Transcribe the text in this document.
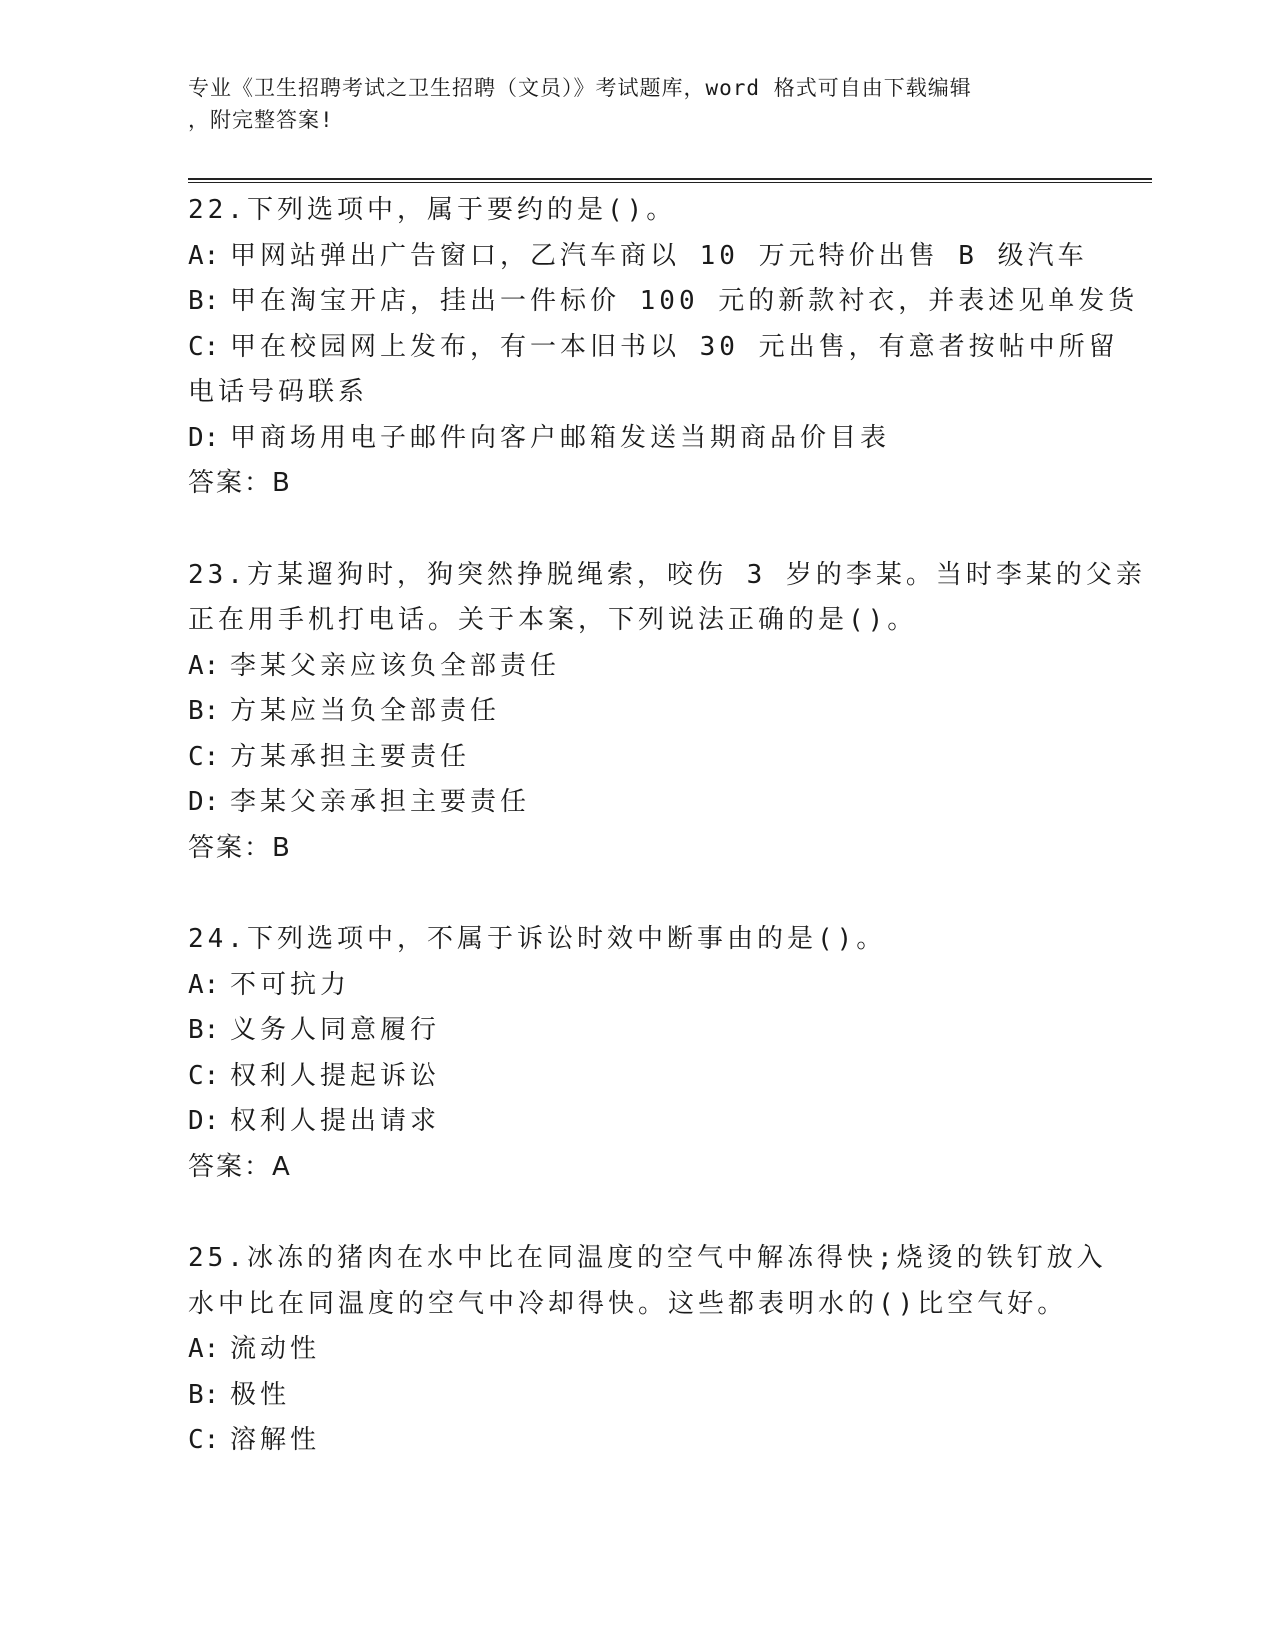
专业《卫生招聘考试之卫生招聘（文员）》考试题库，word 格式可自由下载编辑
，附完整答案!
22.下列选项中，属于要约的是()。
A: 甲网站弹出广告窗口，乙汽车商以 10 万元特价出售 B 级汽车
B: 甲在淘宝开店，挂出一件标价 100 元的新款衬衣，并表述见单发货
C: 甲在校园网上发布，有一本旧书以 30 元出售，有意者按帖中所留
电话号码联系
D: 甲商场用电子邮件向客户邮箱发送当期商品价目表
答案：B
23.方某遛狗时，狗突然挣脱绳索，咬伤 3 岁的李某。当时李某的父亲
正在用手机打电话。关于本案，下列说法正确的是()。
A: 李某父亲应该负全部责任
B: 方某应当负全部责任
C: 方某承担主要责任
D: 李某父亲承担主要责任
答案：B
24.下列选项中，不属于诉讼时效中断事由的是()。
A: 不可抗力
B: 义务人同意履行
C: 权利人提起诉讼
D: 权利人提出请求
答案：A
25.冰冻的猪肉在水中比在同温度的空气中解冻得快;烧烫的铁钉放入
水中比在同温度的空气中冷却得快。这些都表明水的()比空气好。
A: 流动性
B: 极性
C: 溶解性
